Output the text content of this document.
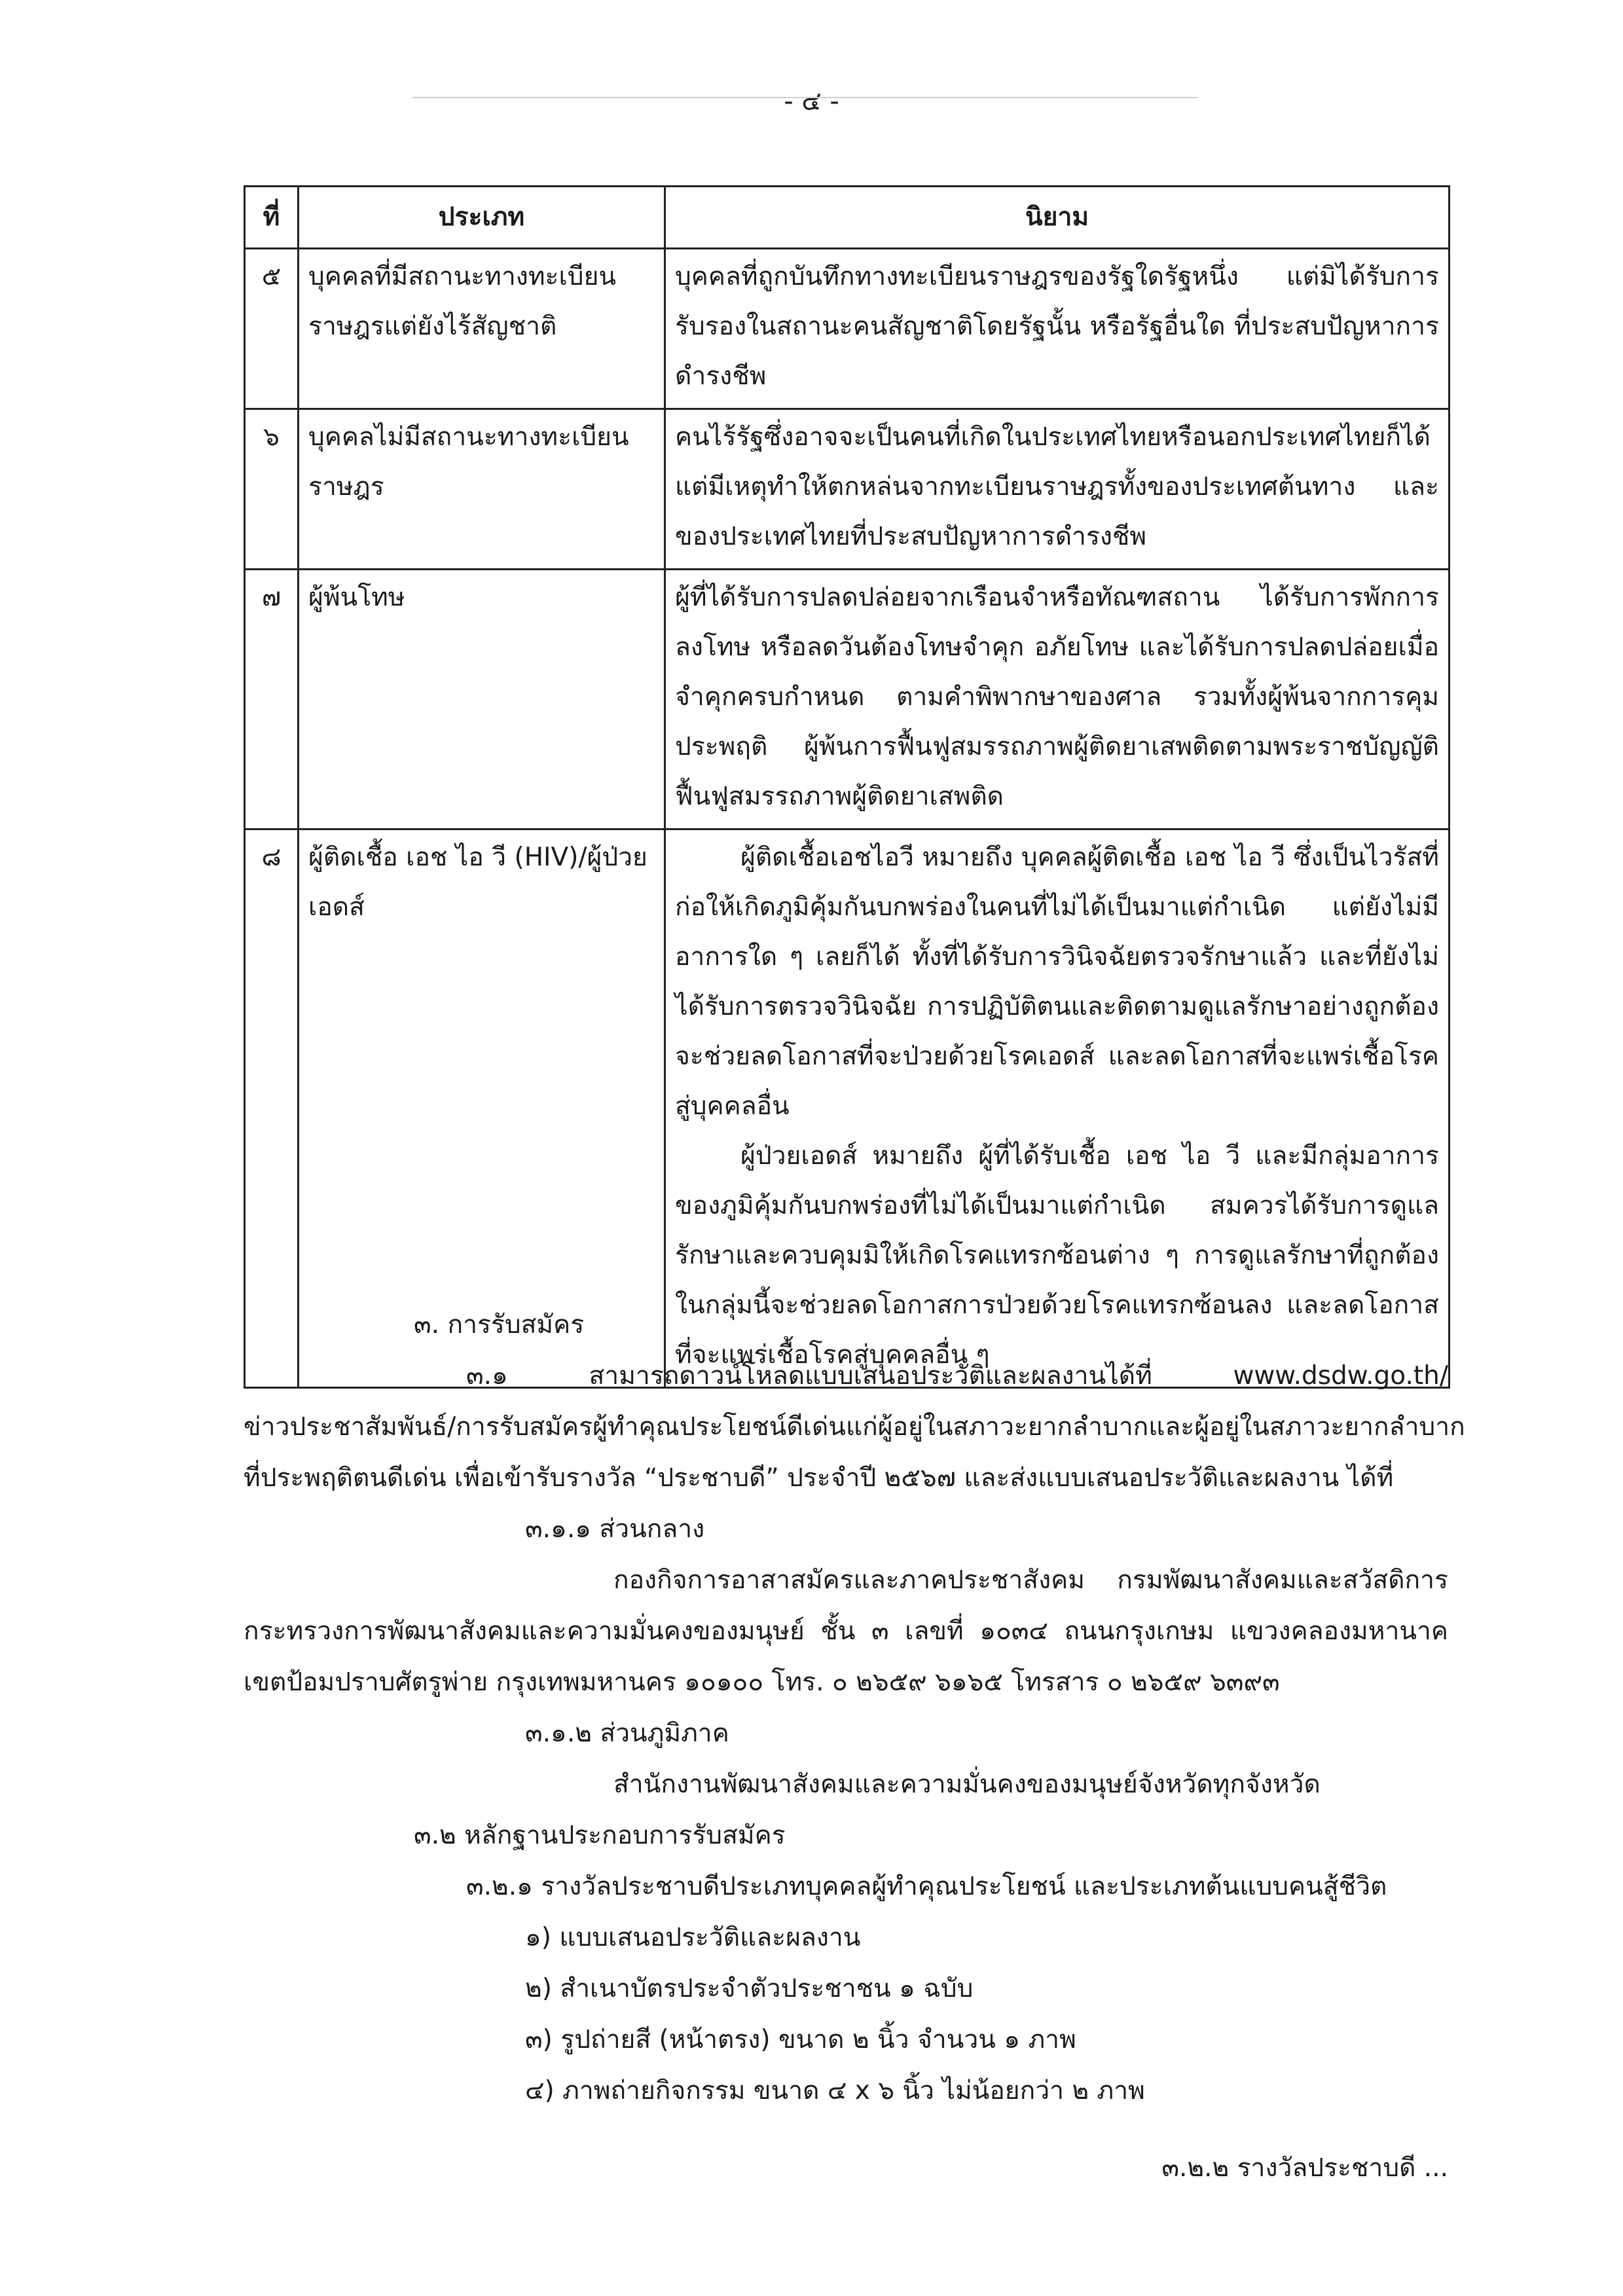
- ๔ -
ที่	ประเภท	นิยาม
๕	บุคคลที่มีสถานะทางทะเบียนราษฎรแต่ยังไร้สัญชาติ	บุคคลที่ถูกบันทึกทางทะเบียนราษฎรของรัฐใดรัฐหนึ่ง แต่มิได้รับการรับรองในสถานะคนสัญชาติโดยรัฐนั้น หรือรัฐอื่นใด ที่ประสบปัญหาการดำรงชีพ

๖	บุคคลไม่มีสถานะทางทะเบียนราษฎร	คนไร้รัฐซึ่งอาจจะเป็นคนที่เกิดในประเทศไทยหรือนอกประเทศไทยก็ได้ แต่มีเหตุทำให้ตกหล่นจากทะเบียนราษฎรทั้งของประเทศต้นทาง และของประเทศไทยที่ประสบปัญหาการดำรงชีพ

๗	ผู้พ้นโทษ	ผู้ที่ได้รับการปลดปล่อยจากเรือนจำหรือทัณฑสถาน ได้รับการพักการลงโทษ หรือลดวันต้องโทษจำคุก อภัยโทษ และได้รับการปลดปล่อยเมื่อจำคุกครบกำหนด ตามคำพิพากษาของศาล รวมทั้งผู้พ้นจากการคุมประพฤติ ผู้พ้นการฟื้นฟูสมรรถภาพผู้ติดยาเสพติดตามพระราชบัญญัติฟื้นฟูสมรรถภาพผู้ติดยาเสพติด

๘	ผู้ติดเชื้อ เอช ไอ วี (HIV)/ผู้ป่วยเอดส์	ผู้ติดเชื้อเอชไอวี หมายถึง บุคคลผู้ติดเชื้อ เอช ไอ วี ซึ่งเป็นไวรัสที่ก่อให้เกิดภูมิคุ้มกันบกพร่องในคนที่ไม่ได้เป็นมาแต่กำเนิด แต่ยังไม่มีอาการใด ๆ เลยก็ได้ ทั้งที่ได้รับการวินิจฉัยตรวจรักษาแล้ว และที่ยังไม่ได้รับการตรวจวินิจฉัย การปฏิบัติตนและติดตามดูแลรักษาอย่างถูกต้องจะช่วยลดโอกาสที่จะป่วยด้วยโรคเอดส์ และลดโอกาสที่จะแพร่เชื้อโรคสู่บุคคลอื่น

ผู้ป่วยเอดส์ หมายถึง ผู้ที่ได้รับเชื้อ เอช ไอ วี และมีกลุ่มอาการของภูมิคุ้มกันบกพร่องที่ไม่ได้เป็นมาแต่กำเนิด สมควรได้รับการดูแลรักษาและควบคุมมิให้เกิดโรคแทรกซ้อนต่าง ๆ การดูแลรักษาที่ถูกต้องในกลุ่มนี้จะช่วยลดโอกาสการป่วยด้วยโรคแทรกซ้อนลง และลดโอกาสที่จะแพร่เชื้อโรคสู่บุคคลอื่น ๆ

๓. การรับสมัคร
๓.๑ สามารถดาวน์โหลดแบบเสนอประวัติและผลงานได้ที่ www.dsdw.go.th/
ข่าวประชาสัมพันธ์/การรับสมัครผู้ทำคุณประโยชน์ดีเด่นแก่ผู้อยู่ในสภาวะยากลำบากและผู้อยู่ในสภาวะยากลำบาก
ที่ประพฤติตนดีเด่น เพื่อเข้ารับรางวัล “ประชาบดี” ประจำปี ๒๕๖๗ และส่งแบบเสนอประวัติและผลงาน ได้ที่
๓.๑.๑ ส่วนกลาง
กองกิจการอาสาสมัครและภาคประชาสังคม กรมพัฒนาสังคมและสวัสดิการ
กระทรวงการพัฒนาสังคมและความมั่นคงของมนุษย์ ชั้น ๓ เลขที่ ๑๐๓๔ ถนนกรุงเกษม แขวงคลองมหานาค
เขตป้อมปราบศัตรูพ่าย กรุงเทพมหานคร ๑๐๑๐๐ โทร. ๐ ๒๖๕๙ ๖๑๖๕ โทรสาร ๐ ๒๖๕๙ ๖๓๙๓
๓.๑.๒ ส่วนภูมิภาค
สำนักงานพัฒนาสังคมและความมั่นคงของมนุษย์จังหวัดทุกจังหวัด
๓.๒ หลักฐานประกอบการรับสมัคร
๓.๒.๑ รางวัลประชาบดีประเภทบุคคลผู้ทำคุณประโยชน์ และประเภทต้นแบบคนสู้ชีวิต
๑) แบบเสนอประวัติและผลงาน
๒) สำเนาบัตรประจำตัวประชาชน ๑ ฉบับ
๓) รูปถ่ายสี (หน้าตรง) ขนาด ๒ นิ้ว จำนวน ๑ ภาพ
๔) ภาพถ่ายกิจกรรม ขนาด ๔ x ๖ นิ้ว ไม่น้อยกว่า ๒ ภาพ
๓.๒.๒ รางวัลประชาบดี ...
